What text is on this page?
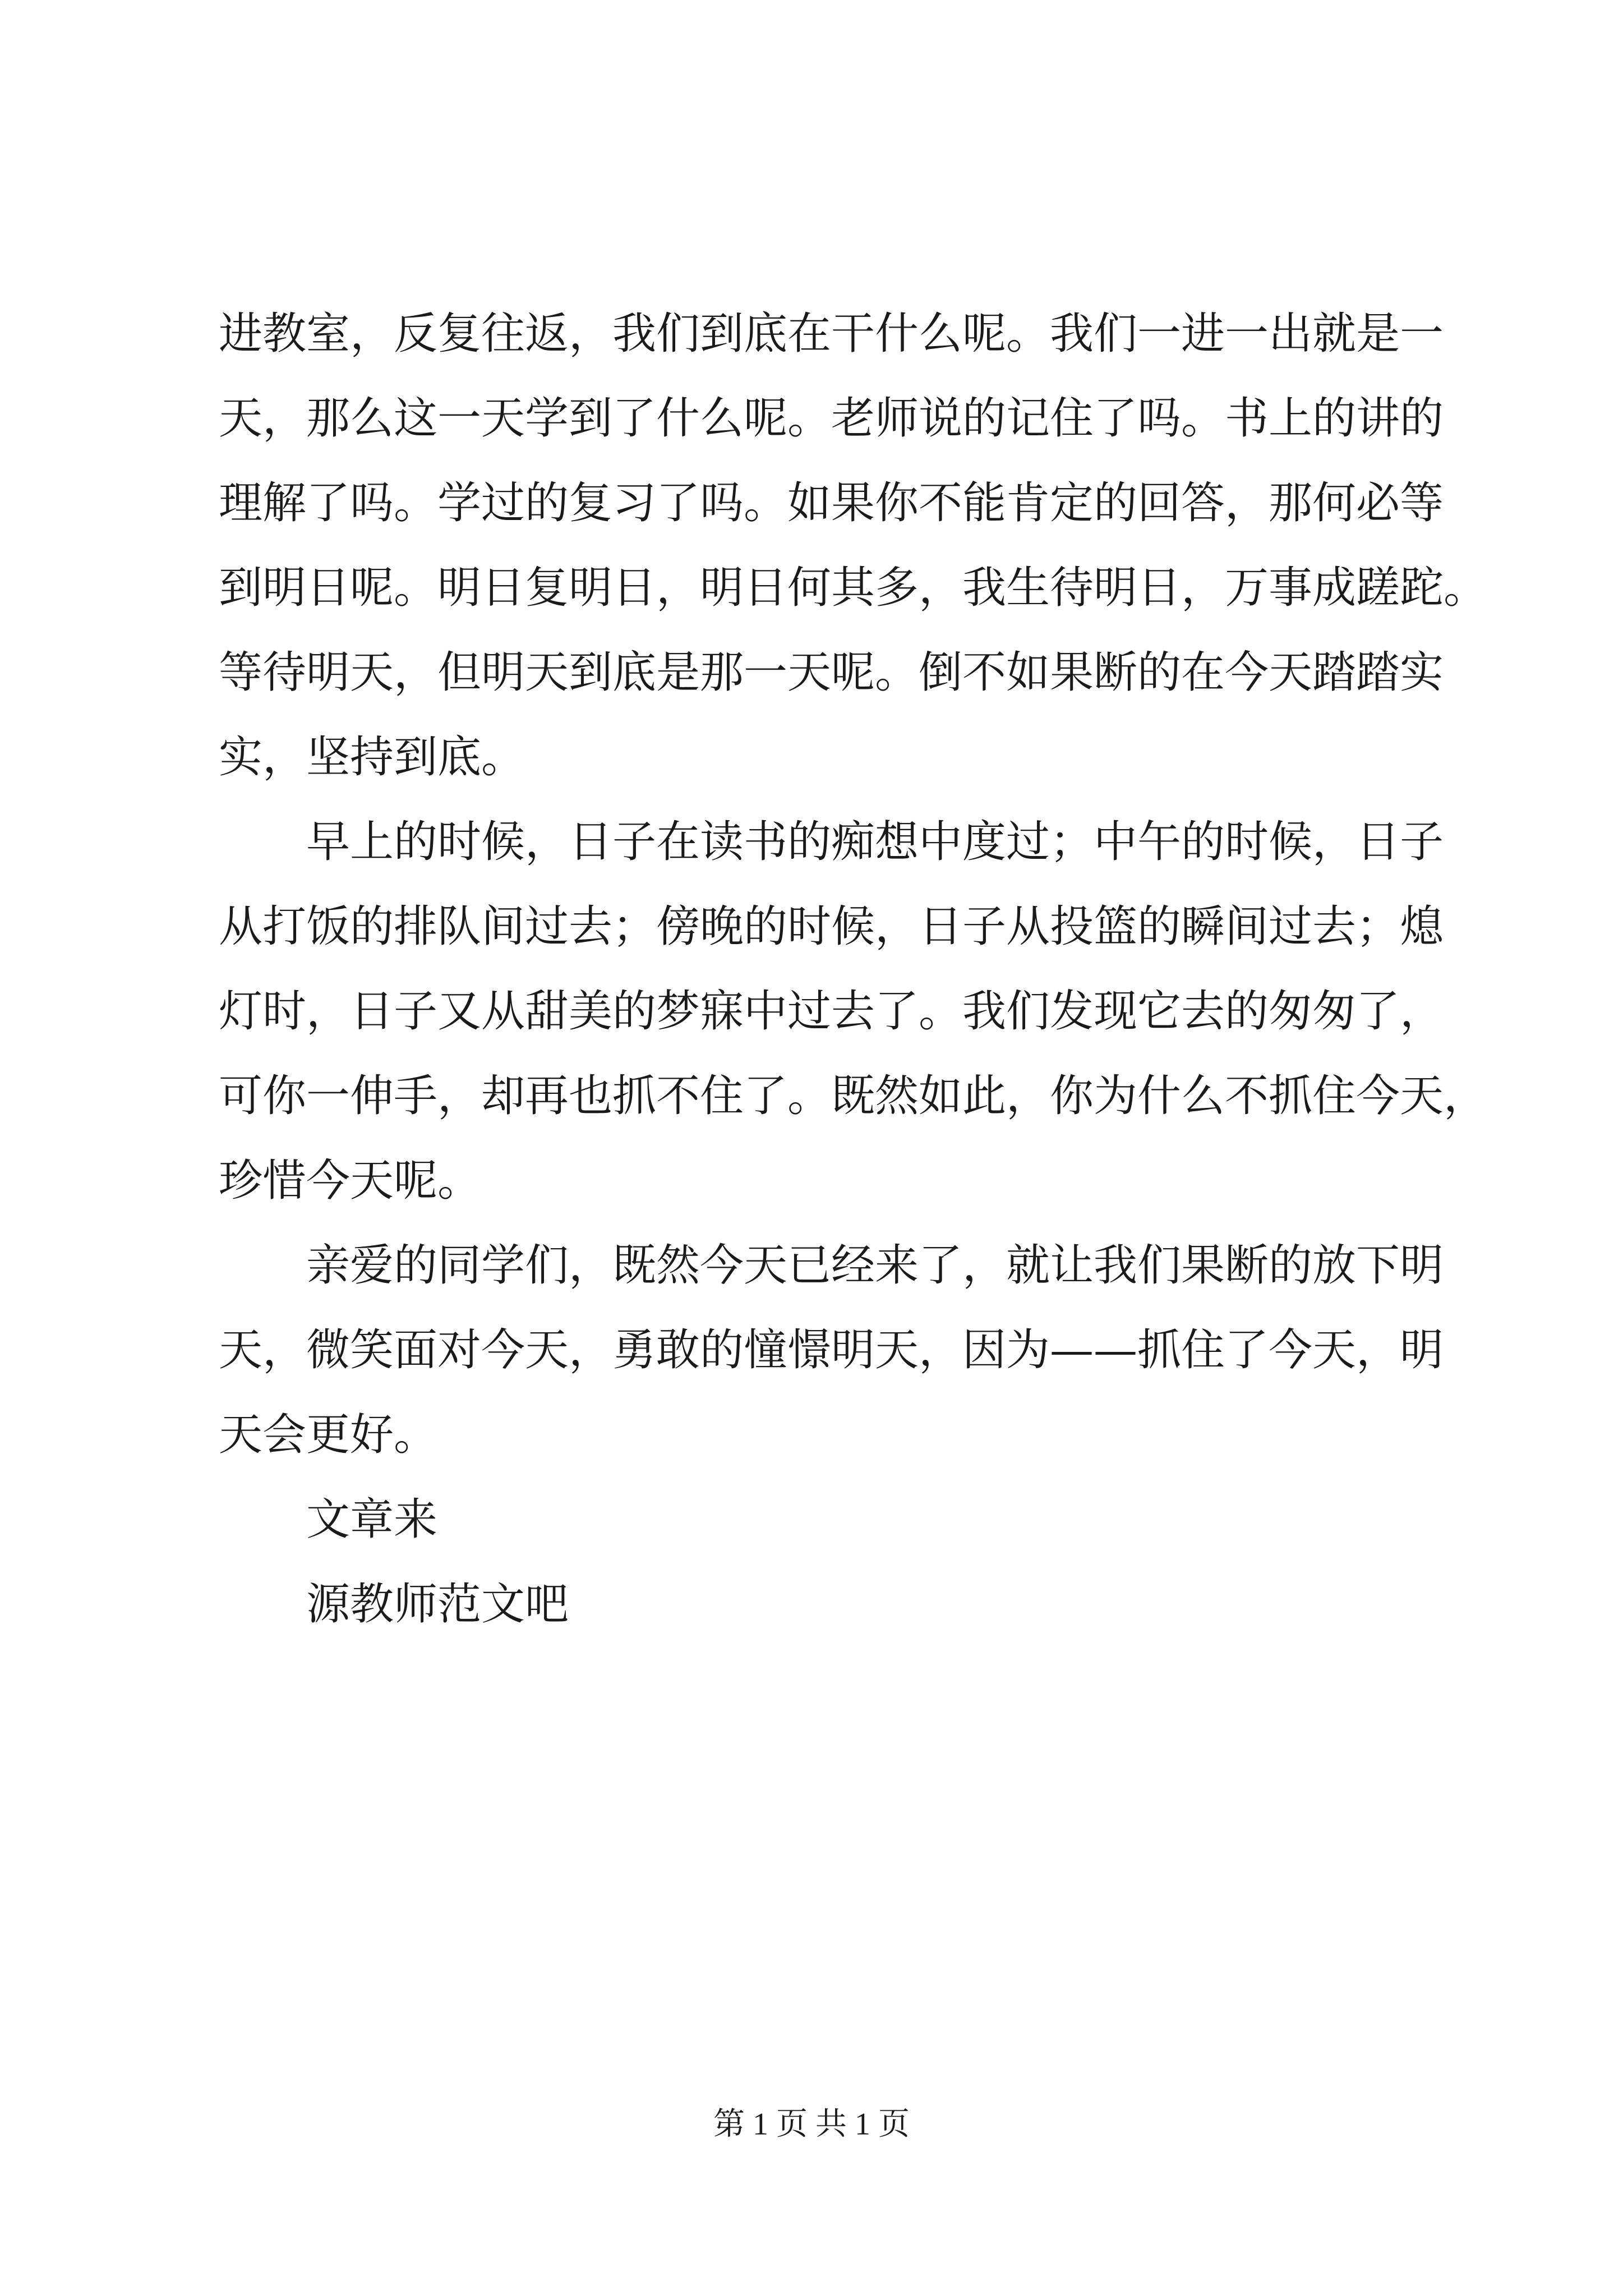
进教室，反复往返，我们到底在干什么呢。我们一进一出就是一
天，那么这一天学到了什么呢。老师说的记住了吗。书上的讲的
理解了吗。学过的复习了吗。如果你不能肯定的回答，那何必等
到明日呢。明日复明日，明日何其多，我生待明日，万事成蹉跎。
等待明天，但明天到底是那一天呢。倒不如果断的在今天踏踏实
实，坚持到底。
早上的时候，日子在读书的痴想中度过；中午的时候，日子
从打饭的排队间过去；傍晚的时候，日子从投篮的瞬间过去；熄
灯时，日子又从甜美的梦寐中过去了。我们发现它去的匆匆了，
可你一伸手，却再也抓不住了。既然如此，你为什么不抓住今天，
珍惜今天呢。
亲爱的同学们，既然今天已经来了，就让我们果断的放下明
天，微笑面对今天，勇敢的憧憬明天，因为——抓住了今天，明
天会更好。
文章来
源教师范文吧
第 1 页 共 1 页
